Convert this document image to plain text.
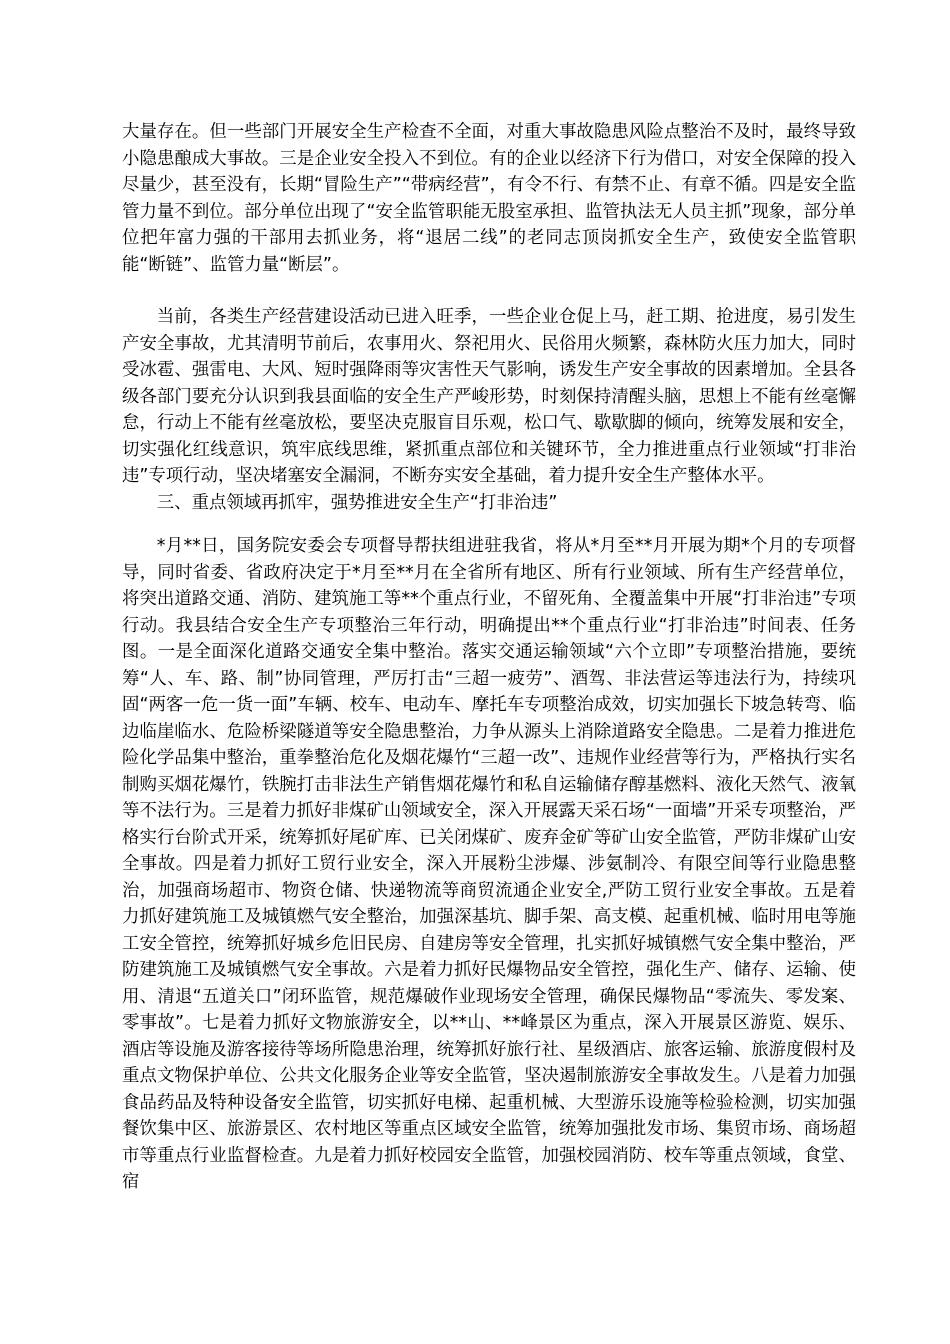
大量存在。但一些部门开展安全生产检查不全面，对重大事故隐患风险点整治不及时，最终导致小隐患酿成大事故。三是企业安全投入不到位。有的企业以经济下行为借口，对安全保障的投入尽量少，甚至没有，长期“冒险生产”“带病经营”，有令不行、有禁不止、有章不循。四是安全监管力量不到位。部分单位出现了“安全监管职能无股室承担、监管执法无人员主抓”现象，部分单位把年富力强的干部用去抓业务，将“退居二线”的老同志顶岗抓安全生产，致使安全监管职能“断链”、监管力量“断层”。

当前，各类生产经营建设活动已进入旺季，一些企业仓促上马，赶工期、抢进度，易引发生产安全事故，尤其清明节前后，农事用火、祭祀用火、民俗用火频繁，森林防火压力加大，同时受冰雹、强雷电、大风、短时强降雨等灾害性天气影响，诱发生产安全事故的因素增加。全县各级各部门要充分认识到我县面临的安全生产严峻形势，时刻保持清醒头脑，思想上不能有丝毫懈怠，行动上不能有丝毫放松，要坚决克服盲目乐观，松口气、歇歇脚的倾向，统筹发展和安全，切实强化红线意识，筑牢底线思维，紧抓重点部位和关键环节，全力推进重点行业领域“打非治违”专项行动，坚决堵塞安全漏洞，不断夯实安全基础，着力提升安全生产整体水平。

三、重点领域再抓牢，强势推进安全生产“打非治违”

*月**日，国务院安委会专项督导帮扶组进驻我省，将从*月至**月开展为期*个月的专项督导，同时省委、省政府决定于*月至**月在全省所有地区、所有行业领域、所有生产经营单位，将突出道路交通、消防、建筑施工等**个重点行业，不留死角、全覆盖集中开展“打非治违”专项行动。我县结合安全生产专项整治三年行动，明确提出**个重点行业“打非治违”时间表、任务图。一是全面深化道路交通安全集中整治。落实交通运输领域“六个立即”专项整治措施，要统筹“人、车、路、制”协同管理，严厉打击“三超一疲劳”、酒驾、非法营运等违法行为，持续巩固“两客一危一货一面”车辆、校车、电动车、摩托车专项整治成效，切实加强长下坡急转弯、临边临崖临水、危险桥梁隧道等安全隐患整治，力争从源头上消除道路安全隐患。二是着力推进危险化学品集中整治，重拳整治危化及烟花爆竹“三超一改”、违规作业经营等行为，严格执行实名制购买烟花爆竹，铁腕打击非法生产销售烟花爆竹和私自运输储存醇基燃料、液化天然气、液氧等不法行为。三是着力抓好非煤矿山领域安全，深入开展露天采石场“一面墙”开采专项整治，严格实行台阶式开采，统筹抓好尾矿库、已关闭煤矿、废弃金矿等矿山安全监管，严防非煤矿山安全事故。四是着力抓好工贸行业安全，深入开展粉尘涉爆、涉氨制冷、有限空间等行业隐患整治，加强商场超市、物资仓储、快递物流等商贸流通企业安全,严防工贸行业安全事故。五是着力抓好建筑施工及城镇燃气安全整治，加强深基坑、脚手架、高支模、起重机械、临时用电等施工安全管控，统筹抓好城乡危旧民房、自建房等安全管理，扎实抓好城镇燃气安全集中整治，严防建筑施工及城镇燃气安全事故。六是着力抓好民爆物品安全管控，强化生产、储存、运输、使用、清退“五道关口”闭环监管，规范爆破作业现场安全管理，确保民爆物品“零流失、零发案、零事故”。七是着力抓好文物旅游安全，以**山、**峰景区为重点，深入开展景区游览、娱乐、酒店等设施及游客接待等场所隐患治理，统筹抓好旅行社、星级酒店、旅客运输、旅游度假村及重点文物保护单位、公共文化服务企业等安全监管，坚决遏制旅游安全事故发生。八是着力加强食品药品及特种设备安全监管，切实抓好电梯、起重机械、大型游乐设施等检验检测，切实加强餐饮集中区、旅游景区、农村地区等重点区域安全监管，统筹加强批发市场、集贸市场、商场超市等重点行业监督检查。九是着力抓好校园安全监管，加强校园消防、校车等重点领域，食堂、宿
